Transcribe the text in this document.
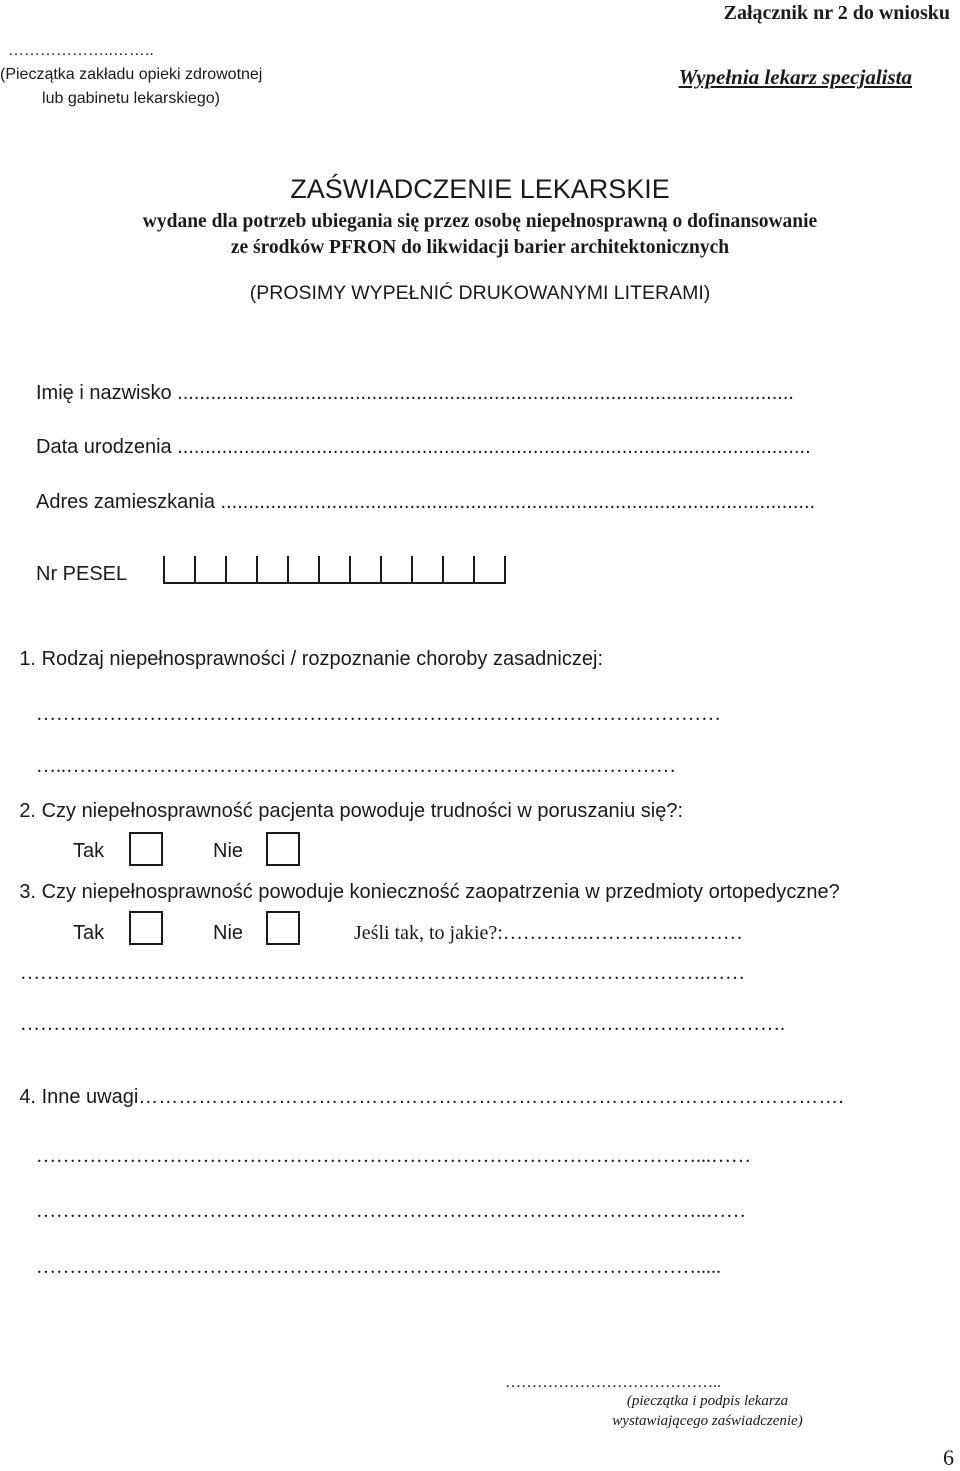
Załącznik nr 2 do wniosku
………………..……..
(Pieczątka zakładu opieki zdrowotnej
lub gabinetu lekarskiego)
Wypełnia lekarz specjalista
ZAŚWIADCZENIE LEKARSKIE
wydane dla potrzeb ubiegania się przez osobę niepełnosprawną o dofinansowanie
ze środków PFRON do likwidacji barier architektonicznych
(PROSIMY WYPEŁNIĆ DRUKOWANYMI LITERAMI)
Imię i nazwisko ...............................................................................................................
Data urodzenia ..................................................................................................................
Adres zamieszkania ...........................................................................................................
Nr PESEL
1. Rodzaj niepełnosprawności / rozpoznanie choroby zasadniczej:
……………………………………………………………………………….…………
…..……………………………………………………………………..…………
2. Czy niepełnosprawność pacjenta powoduje trudności w poruszaniu się?:
Tak	Nie
3. Czy niepełnosprawność powoduje konieczność zaopatrzenia w przedmioty ortopedyczne?
Tak	Nie	Jeśli tak, to jakie?:………….…………...………
………………………………………………………………………………………….……
…………………………………………………………………………………………………….
4. Inne uwagi…………………………………………………………………………………………….
………………………………………………………………………………………...……
………………………………………………………………………………………..……
……………………………………………………………………………………….....
…………………………………..
(pieczątka i podpis lekarza
wystawiającego zaświadczenie)
6
